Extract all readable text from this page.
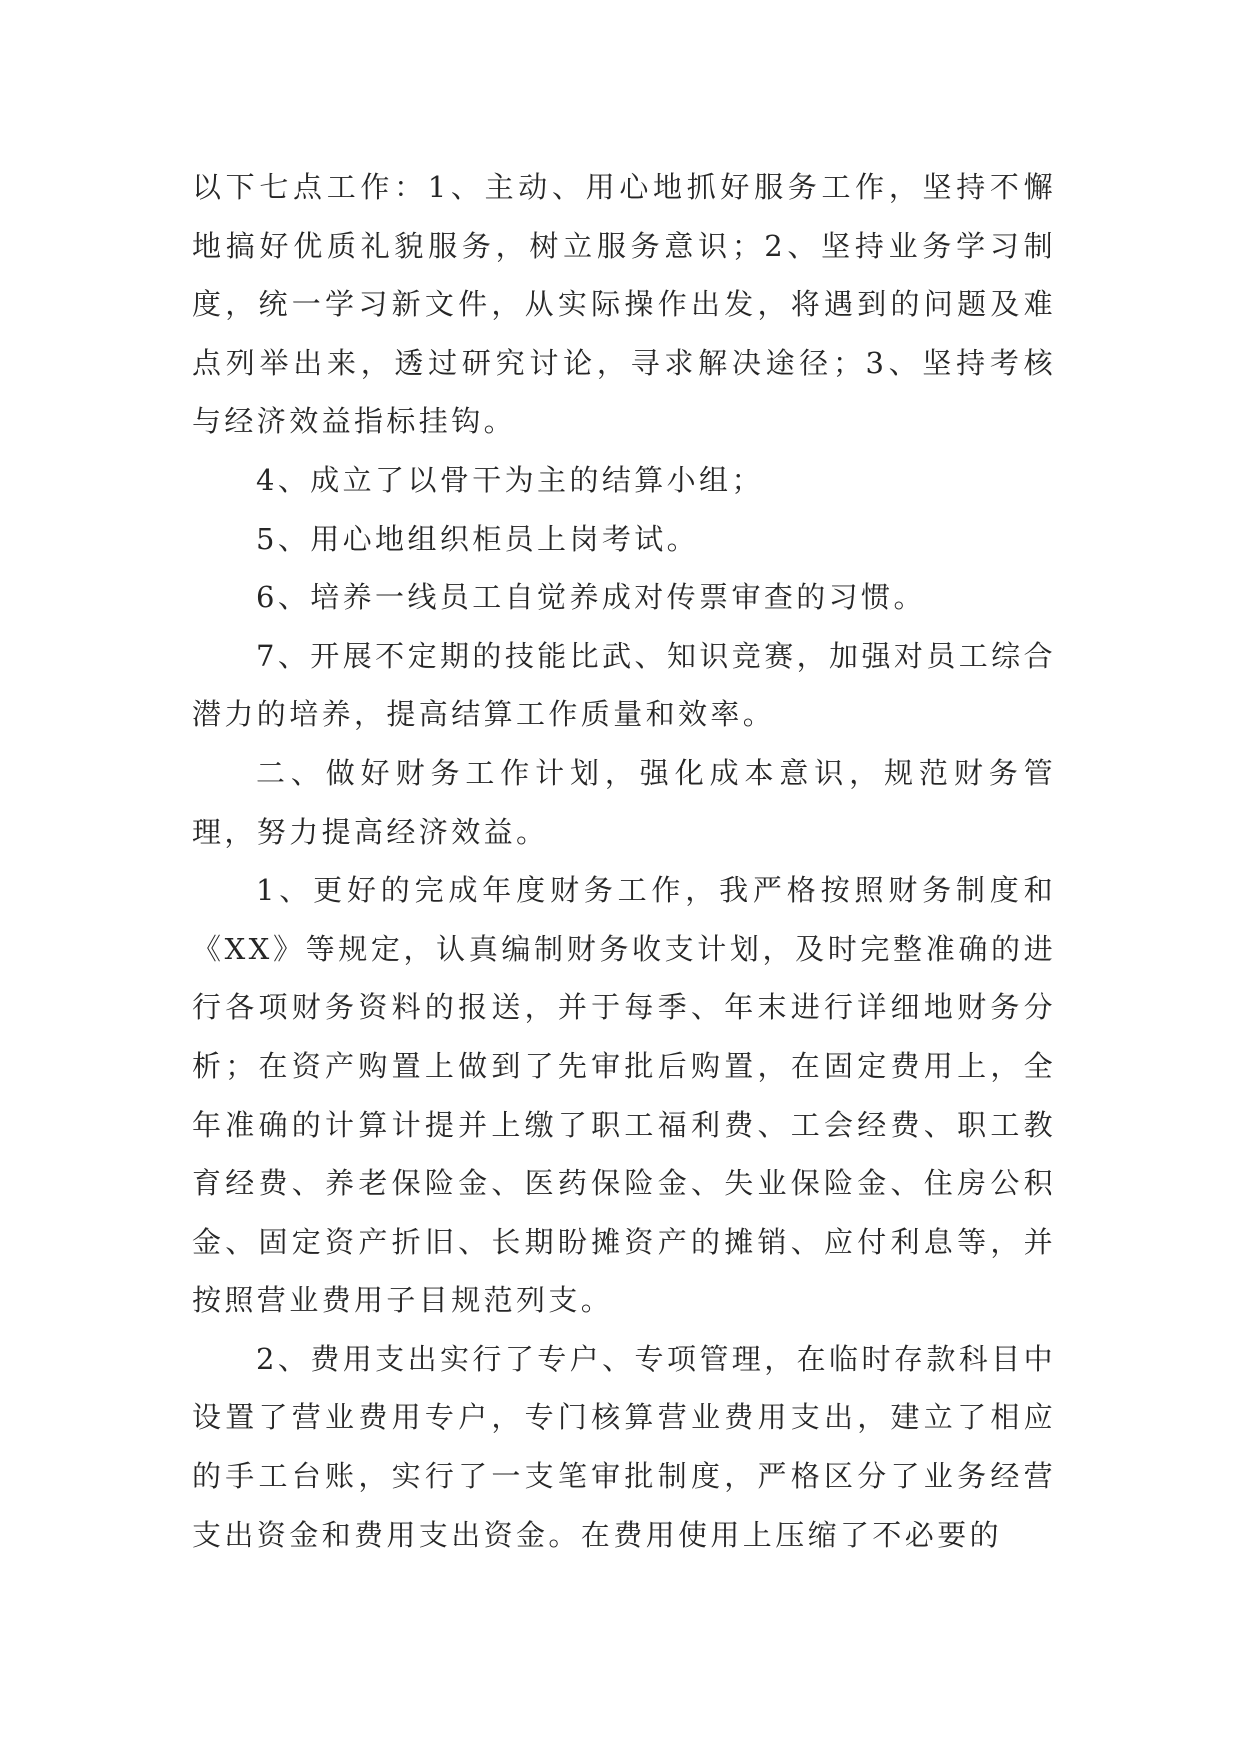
以下七点工作：1、主动、用心地抓好服务工作，坚持不懈地搞好优质礼貌服务，树立服务意识；2、坚持业务学习制度，统一学习新文件，从实际操作出发，将遇到的问题及难点列举出来，透过研究讨论，寻求解决途径；3、坚持考核与经济效益指标挂钩。

4、成立了以骨干为主的结算小组；

5、用心地组织柜员上岗考试。

6、培养一线员工自觉养成对传票审查的习惯。

7、开展不定期的技能比武、知识竞赛，加强对员工综合潜力的培养，提高结算工作质量和效率。

二、做好财务工作计划，强化成本意识，规范财务管理，努力提高经济效益。

1、更好的完成年度财务工作，我严格按照财务制度和《XX》等规定，认真编制财务收支计划，及时完整准确的进行各项财务资料的报送，并于每季、年末进行详细地财务分析；在资产购置上做到了先审批后购置，在固定费用上，全年准确的计算计提并上缴了职工福利费、工会经费、职工教育经费、养老保险金、医药保险金、失业保险金、住房公积金、固定资产折旧、长期盼摊资产的摊销、应付利息等，并按照营业费用子目规范列支。

2、费用支出实行了专户、专项管理，在临时存款科目中设置了营业费用专户，专门核算营业费用支出，建立了相应的手工台账，实行了一支笔审批制度，严格区分了业务经营支出资金和费用支出资金。在费用使用上压缩了不必要的
